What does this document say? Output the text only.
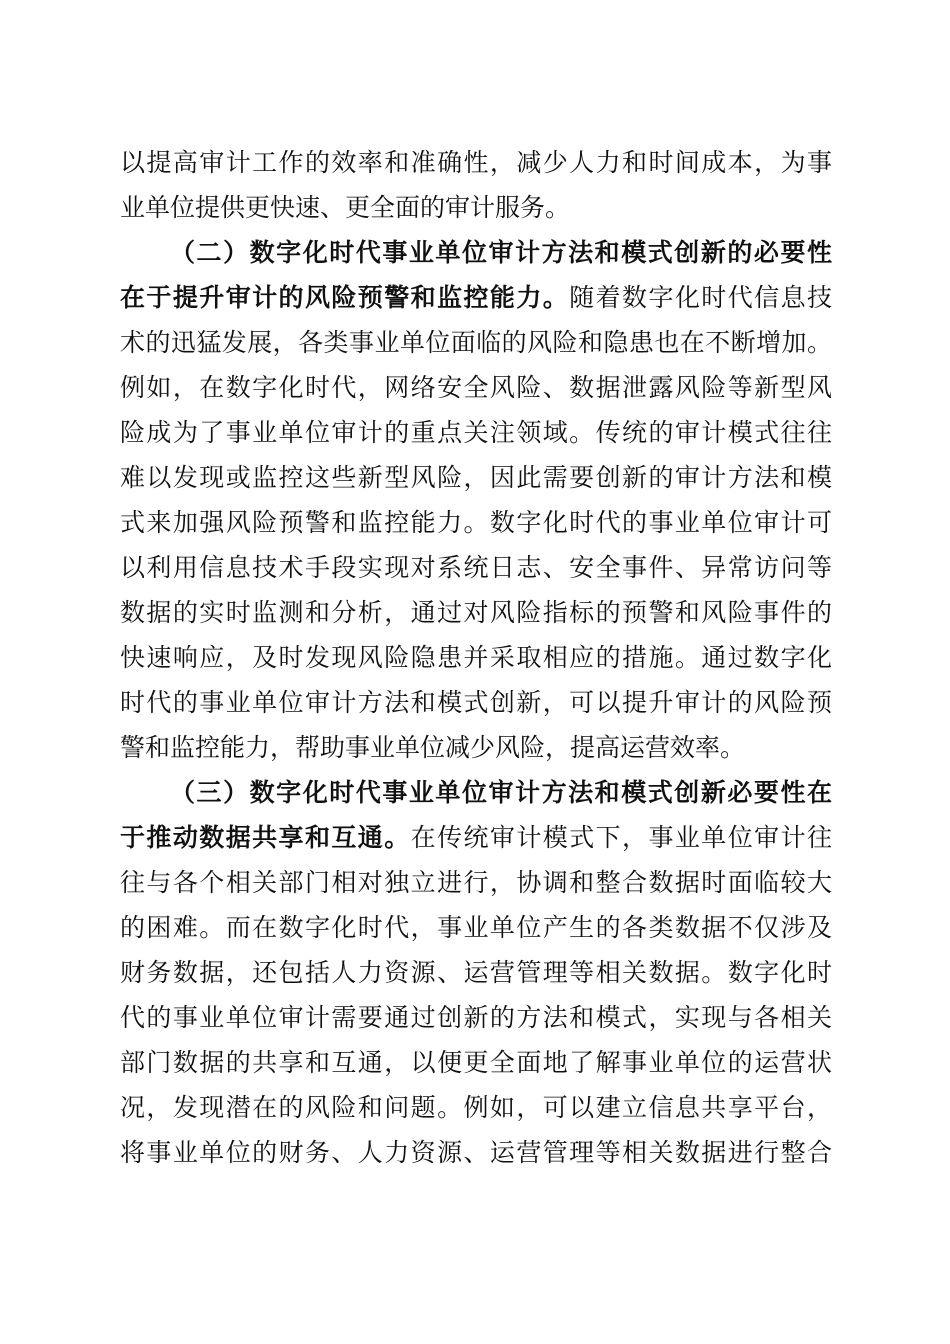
以提高审计工作的效率和准确性，减少人力和时间成本，为事
业单位提供更快速、更全面的审计服务。
（二）数字化时代事业单位审计方法和模式创新的必要性
在于提升审计的风险预警和监控能力。随着数字化时代信息技
术的迅猛发展，各类事业单位面临的风险和隐患也在不断增加。
例如，在数字化时代，网络安全风险、数据泄露风险等新型风
险成为了事业单位审计的重点关注领域。传统的审计模式往往
难以发现或监控这些新型风险，因此需要创新的审计方法和模
式来加强风险预警和监控能力。数字化时代的事业单位审计可
以利用信息技术手段实现对系统日志、安全事件、异常访问等
数据的实时监测和分析，通过对风险指标的预警和风险事件的
快速响应，及时发现风险隐患并采取相应的措施。通过数字化
时代的事业单位审计方法和模式创新，可以提升审计的风险预
警和监控能力，帮助事业单位减少风险，提高运营效率。
（三）数字化时代事业单位审计方法和模式创新必要性在
于推动数据共享和互通。在传统审计模式下，事业单位审计往
往与各个相关部门相对独立进行，协调和整合数据时面临较大
的困难。而在数字化时代，事业单位产生的各类数据不仅涉及
财务数据，还包括人力资源、运营管理等相关数据。数字化时
代的事业单位审计需要通过创新的方法和模式，实现与各相关
部门数据的共享和互通，以便更全面地了解事业单位的运营状
况，发现潜在的风险和问题。例如，可以建立信息共享平台，
将事业单位的财务、人力资源、运营管理等相关数据进行整合
